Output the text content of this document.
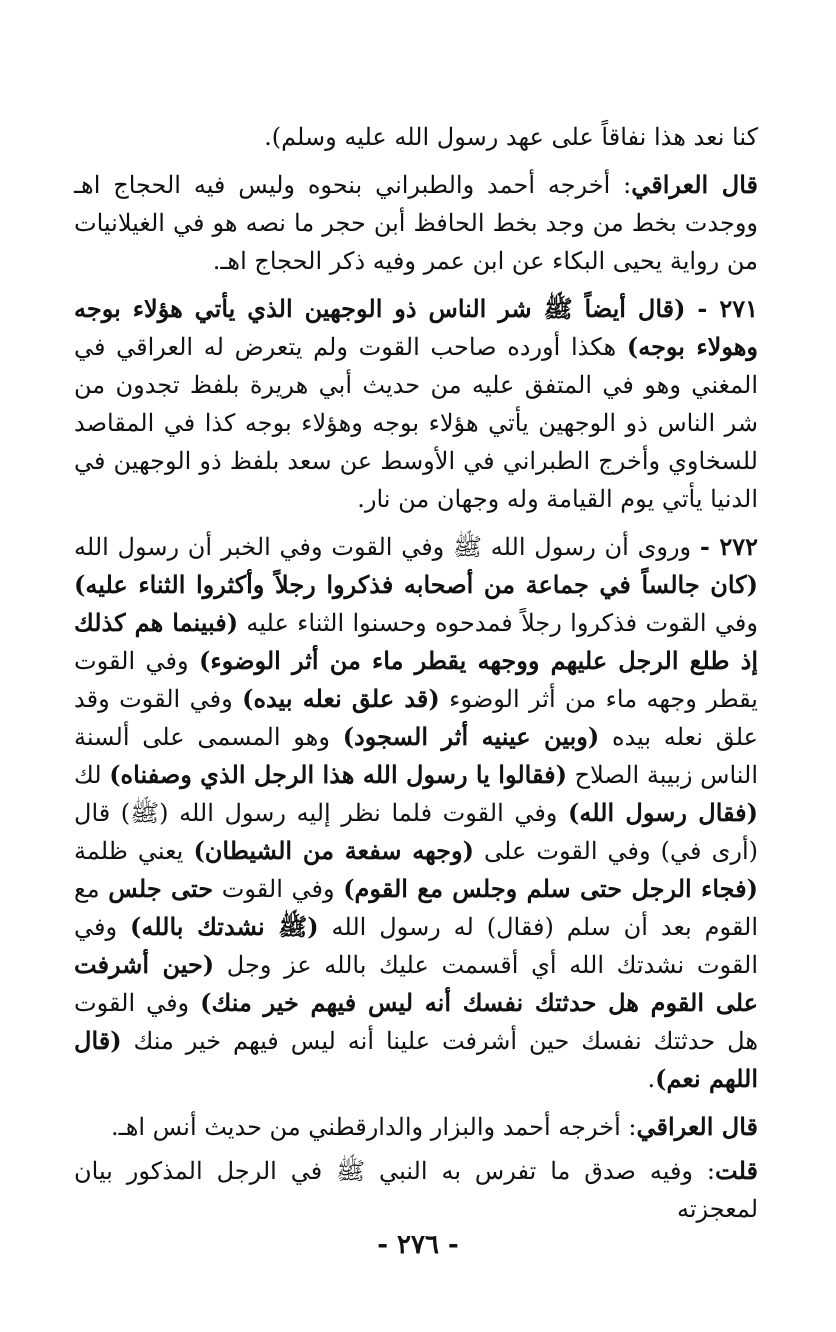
كنا نعد هذا نفاقاً على عهد رسول الله عليه وسلم).

قال العراقي: أخرجه أحمد والطبراني بنحوه وليس فيه الحجاج اهـ ووجدت بخط من وجد بخط الحافظ أبن حجر ما نصه هو في الغيلانيات من رواية يحيى البكاء عن ابن عمر وفيه ذكر الحجاج اهـ.

٢٧١ - (قال أيضاً ﷺ شر الناس ذو الوجهين الذي يأتي هؤلاء بوجه وهولاء بوجه) هكذا أورده صاحب القوت ولم يتعرض له العراقي في المغني وهو في المتفق عليه من حديث أبي هريرة بلفظ تجدون من شر الناس ذو الوجهين يأتي هؤلاء بوجه وهؤلاء بوجه كذا في المقاصد للسخاوي وأخرج الطبراني في الأوسط عن سعد بلفظ ذو الوجهين في الدنيا يأتي يوم القيامة وله وجهان من نار.

٢٧٢ - وروى أن رسول الله ﷺ وفي القوت وفي الخبر أن رسول الله (كان جالساً في جماعة من أصحابه فذكروا رجلاً وأكثروا الثناء عليه) وفي القوت فذكروا رجلاً فمدحوه وحسنوا الثناء عليه (فبينما هم كذلك إذ طلع الرجل عليهم ووجهه يقطر ماء من أثر الوضوء) وفي القوت يقطر وجهه ماء من أثر الوضوء (قد علق نعله بيده) وفي القوت وقد علق نعله بيده (وبين عينيه أثر السجود) وهو المسمى على ألسنة الناس زبيبة الصلاح (فقالوا يا رسول الله هذا الرجل الذي وصفناه) لك (فقال رسول الله) وفي القوت فلما نظر إليه رسول الله (ﷺ) قال (أرى في) وفي القوت على (وجهه سفعة من الشيطان) يعني ظلمة (فجاء الرجل حتى سلم وجلس مع القوم) وفي القوت حتى جلس مع القوم بعد أن سلم (فقال) له رسول الله (ﷺ نشدتك بالله) وفي القوت نشدتك الله أي أقسمت عليك بالله عز وجل (حين أشرفت على القوم هل حدثتك نفسك أنه ليس فيهم خير منك) وفي القوت هل حدثتك نفسك حين أشرفت علينا أنه ليس فيهم خير منك (قال اللهم نعم).

قال العراقي: أخرجه أحمد والبزار والدارقطني من حديث أنس اهـ.

قلت: وفيه صدق ما تفرس به النبي ﷺ في الرجل المذكور بيان لمعجزته

- ٢٧٦ -
